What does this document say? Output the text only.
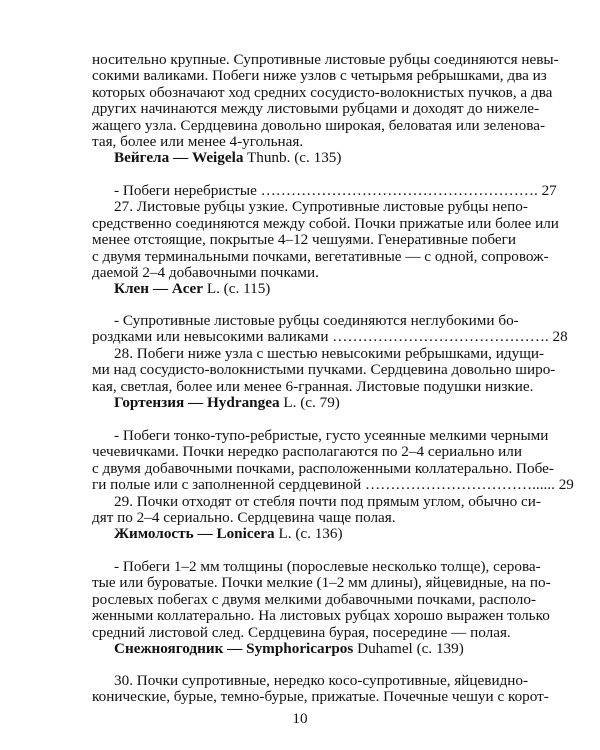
носительно крупные. Супротивные листовые рубцы соединяются невы-
сокими валиками. Побеги ниже узлов с четырьмя ребрышками, два из
которых обозначают ход средних сосудисто-волокнистых пучков, а два
других начинаются между листовыми рубцами и доходят до нижеле-
жащего узла. Сердцевина довольно широкая, беловатая или зеленова-
тая, более или менее 4-угольная.
Вейгела — Weigela Thunb. (с. 135)
- Побеги неребристые ………………………………………………. 27
27. Листовые рубцы узкие. Супротивные листовые рубцы непо-
средственно соединяются между собой. Почки прижатые или более или
менее отстоящие, покрытые 4–12 чешуями. Генеративные побеги
с двумя терминальными почками, вегетативные — с одной, сопровож-
даемой 2–4 добавочными почками.
Клен — Acer L. (с. 115)
- Супротивные листовые рубцы соединяются неглубокими бо-
роздками или невысокими валиками ……………………………………. 28
28. Побеги ниже узла с шестью невысокими ребрышками, идущи-
ми над сосудисто-волокнистыми пучками. Сердцевина довольно широ-
кая, светлая, более или менее 6-гранная. Листовые подушки низкие.
Гортензия — Hydrangea L. (с. 79)
- Побеги тонко-тупо-ребристые, густо усеянные мелкими черными
чечевичками. Почки нередко располагаются по 2–4 сериально или
с двумя добавочными почками, расположенными коллатерально. Побе-
ги полые или с заполненной сердцевиной ……………………………...... 29
29. Почки отходят от стебля почти под прямым углом, обычно си-
дят по 2–4 сериально. Сердцевина чаще полая.
Жимолость — Lonicera L. (с. 136)
- Побеги 1–2 мм толщины (порослевые несколько толще), серова-
тые или буроватые. Почки мелкие (1–2 мм длины), яйцевидные, на по-
рослевых побегах с двумя мелкими добавочными почками, располо-
женными коллатерально. На листовых рубцах хорошо выражен только
средний листовой след. Сердцевина бурая, посередине — полая.
Снежноягодник — Symphoricarpos Duhamel (с. 139)
30. Почки супротивные, нередко косо-супротивные, яйцевидно-
конические, бурые, темно-бурые, прижатые. Почечные чешуи с корот-
10
